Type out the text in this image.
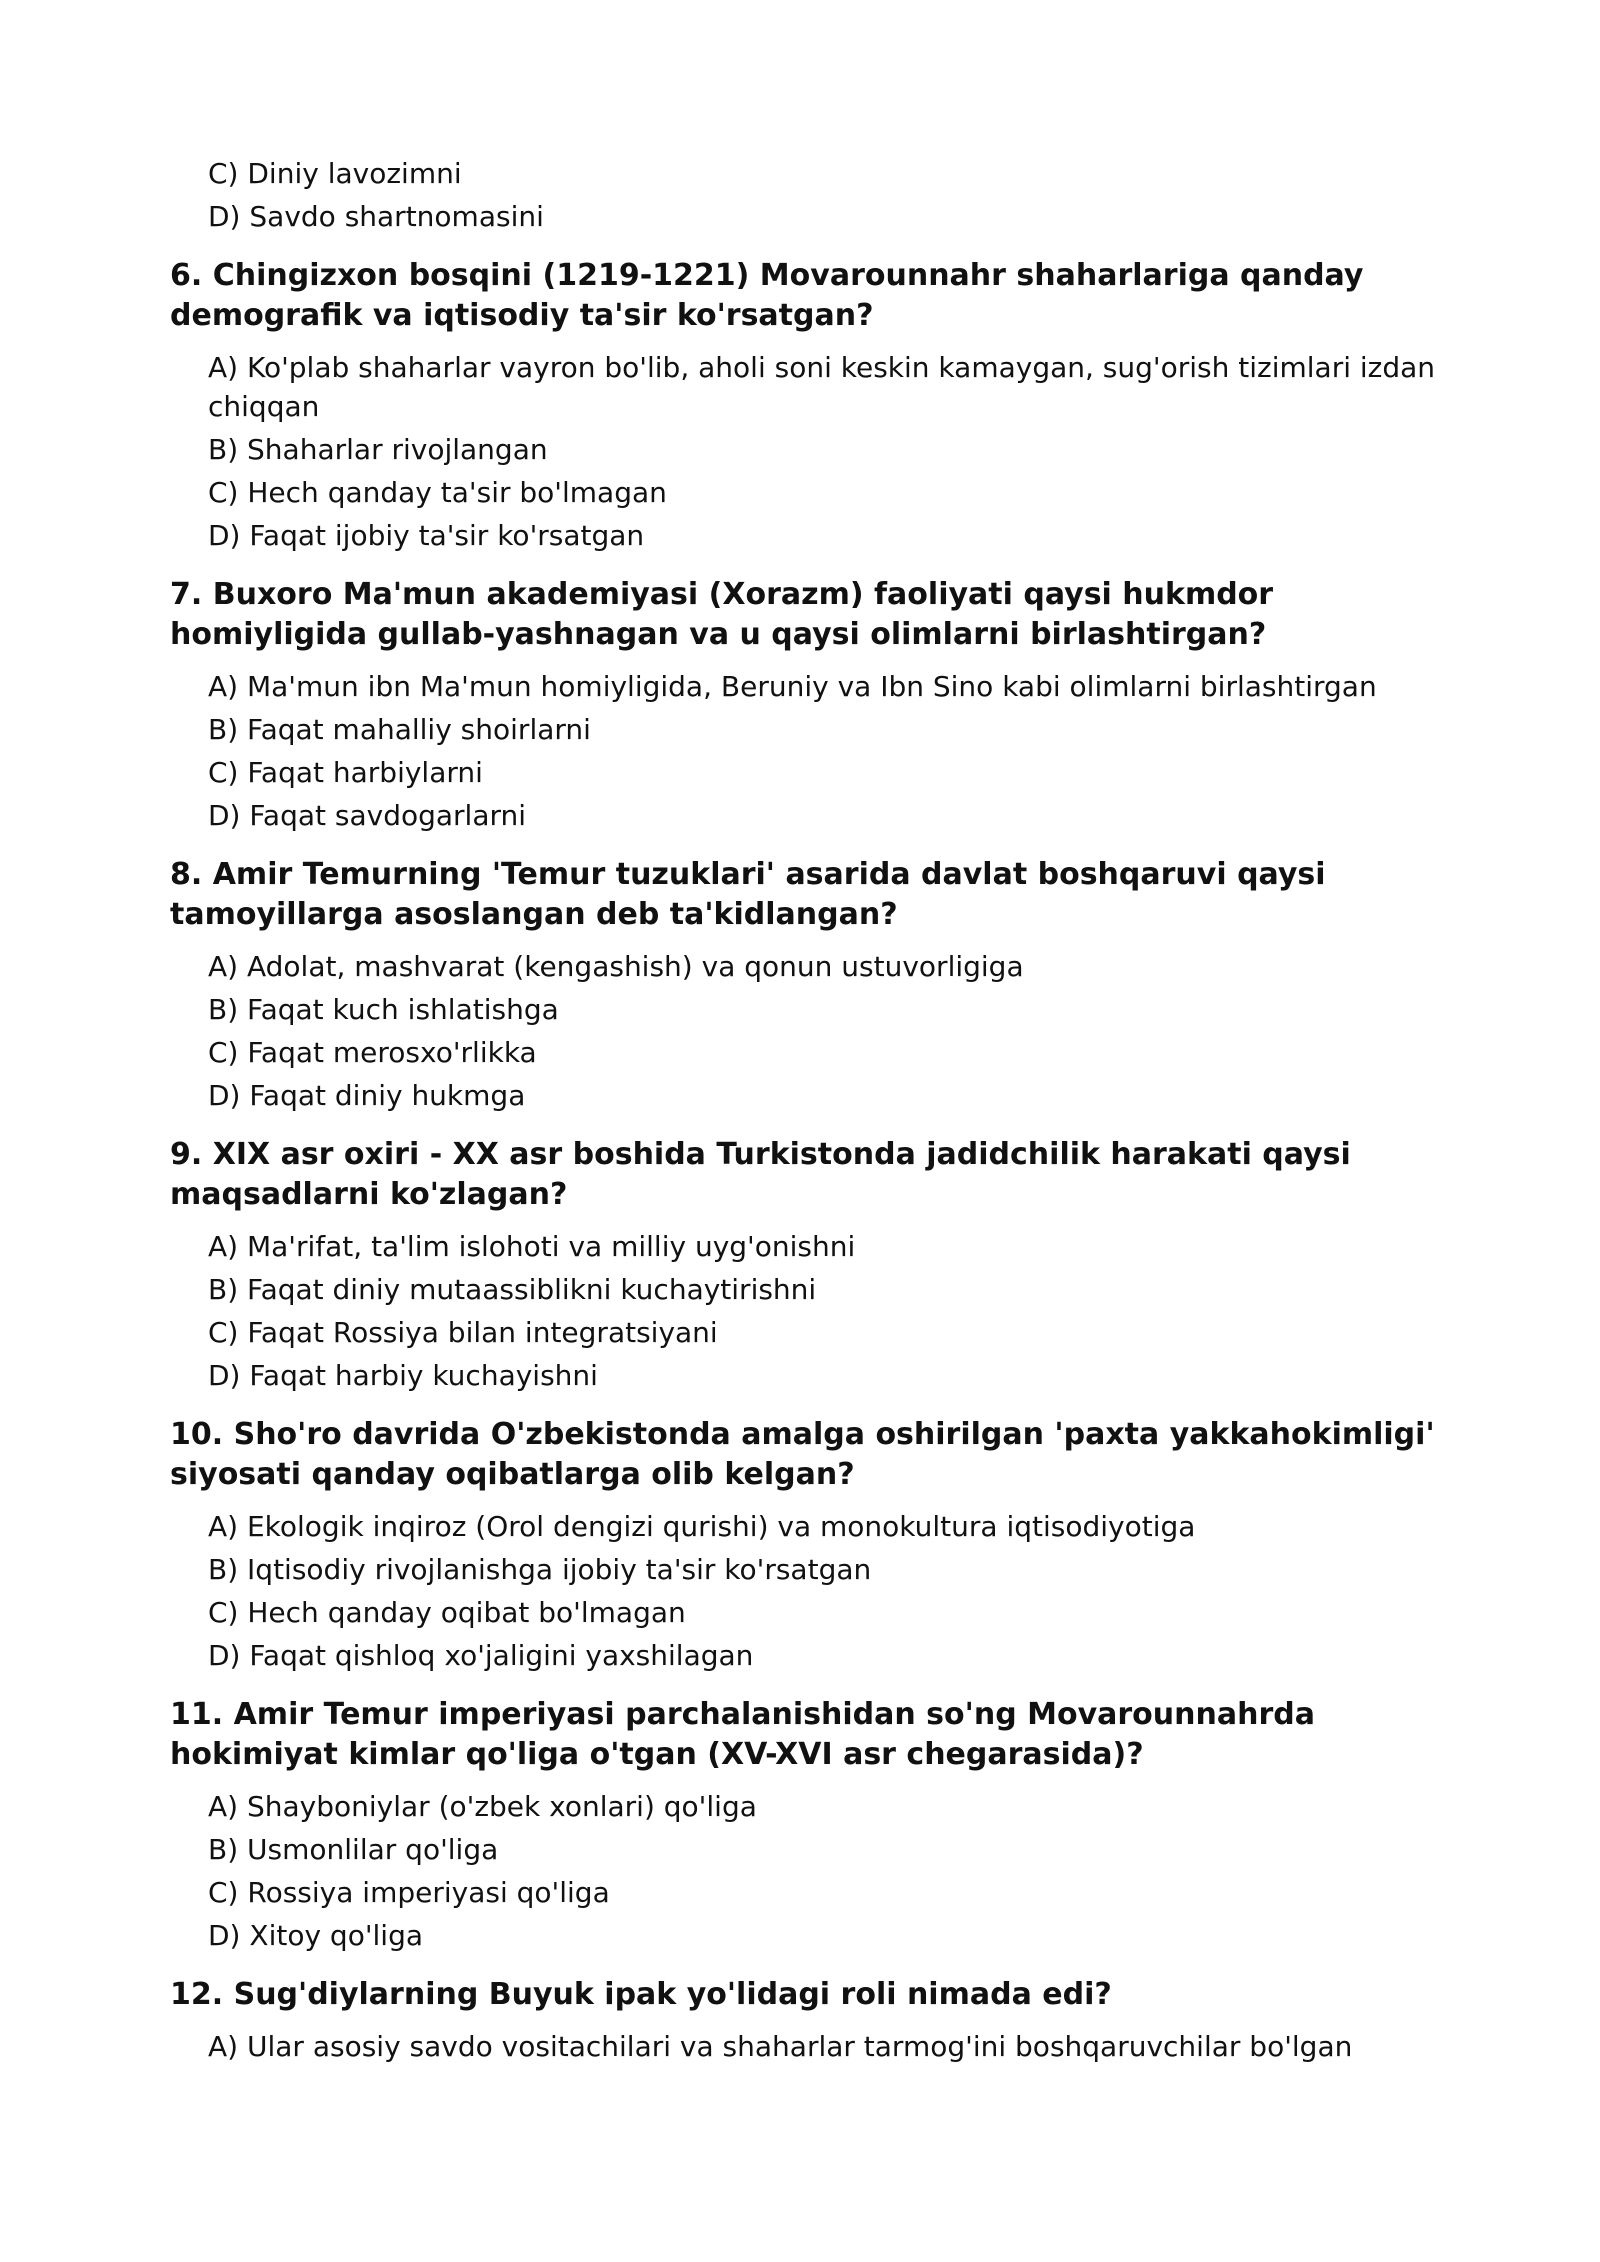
C) Diniy lavozimni
D) Savdo shartnomasini
6. Chingizxon bosqini (1219-1221) Movarounnahr shaharlariga qanday demografik va iqtisodiy ta'sir ko'rsatgan?
A) Ko'plab shaharlar vayron bo'lib, aholi soni keskin kamaygan, sug'orish tizimlari izdan chiqqan
B) Shaharlar rivojlangan
C) Hech qanday ta'sir bo'lmagan
D) Faqat ijobiy ta'sir ko'rsatgan
7. Buxoro Ma'mun akademiyasi (Xorazm) faoliyati qaysi hukmdor homiyligida gullab-yashnagan va u qaysi olimlarni birlashtirgan?
A) Ma'mun ibn Ma'mun homiyligida, Beruniy va Ibn Sino kabi olimlarni birlashtirgan
B) Faqat mahalliy shoirlarni
C) Faqat harbiylarni
D) Faqat savdogarlarni
8. Amir Temurning 'Temur tuzuklari' asarida davlat boshqaruvi qaysi tamoyillarga asoslangan deb ta'kidlangan?
A) Adolat, mashvarat (kengashish) va qonun ustuvorligiga
B) Faqat kuch ishlatishga
C) Faqat merosxo'rlikka
D) Faqat diniy hukmga
9. XIX asr oxiri - XX asr boshida Turkistonda jadidchilik harakati qaysi maqsadlarni ko'zlagan?
A) Ma'rifat, ta'lim islohoti va milliy uyg'onishni
B) Faqat diniy mutaassiblikni kuchaytirishni
C) Faqat Rossiya bilan integratsiyani
D) Faqat harbiy kuchayishni
10. Sho'ro davrida O'zbekistonda amalga oshirilgan 'paxta yakkahokimligi' siyosati qanday oqibatlarga olib kelgan?
A) Ekologik inqiroz (Orol dengizi qurishi) va monokultura iqtisodiyotiga
B) Iqtisodiy rivojlanishga ijobiy ta'sir ko'rsatgan
C) Hech qanday oqibat bo'lmagan
D) Faqat qishloq xo'jaligini yaxshilagan
11. Amir Temur imperiyasi parchalanishidan so'ng Movarounnahrda hokimiyat kimlar qo'liga o'tgan (XV-XVI asr chegarasida)?
A) Shayboniylar (o'zbek xonlari) qo'liga
B) Usmonlilar qo'liga
C) Rossiya imperiyasi qo'liga
D) Xitoy qo'liga
12. Sug'diylarning Buyuk ipak yo'lidagi roli nimada edi?
A) Ular asosiy savdo vositachilari va shaharlar tarmog'ini boshqaruvchilar bo'lgan
